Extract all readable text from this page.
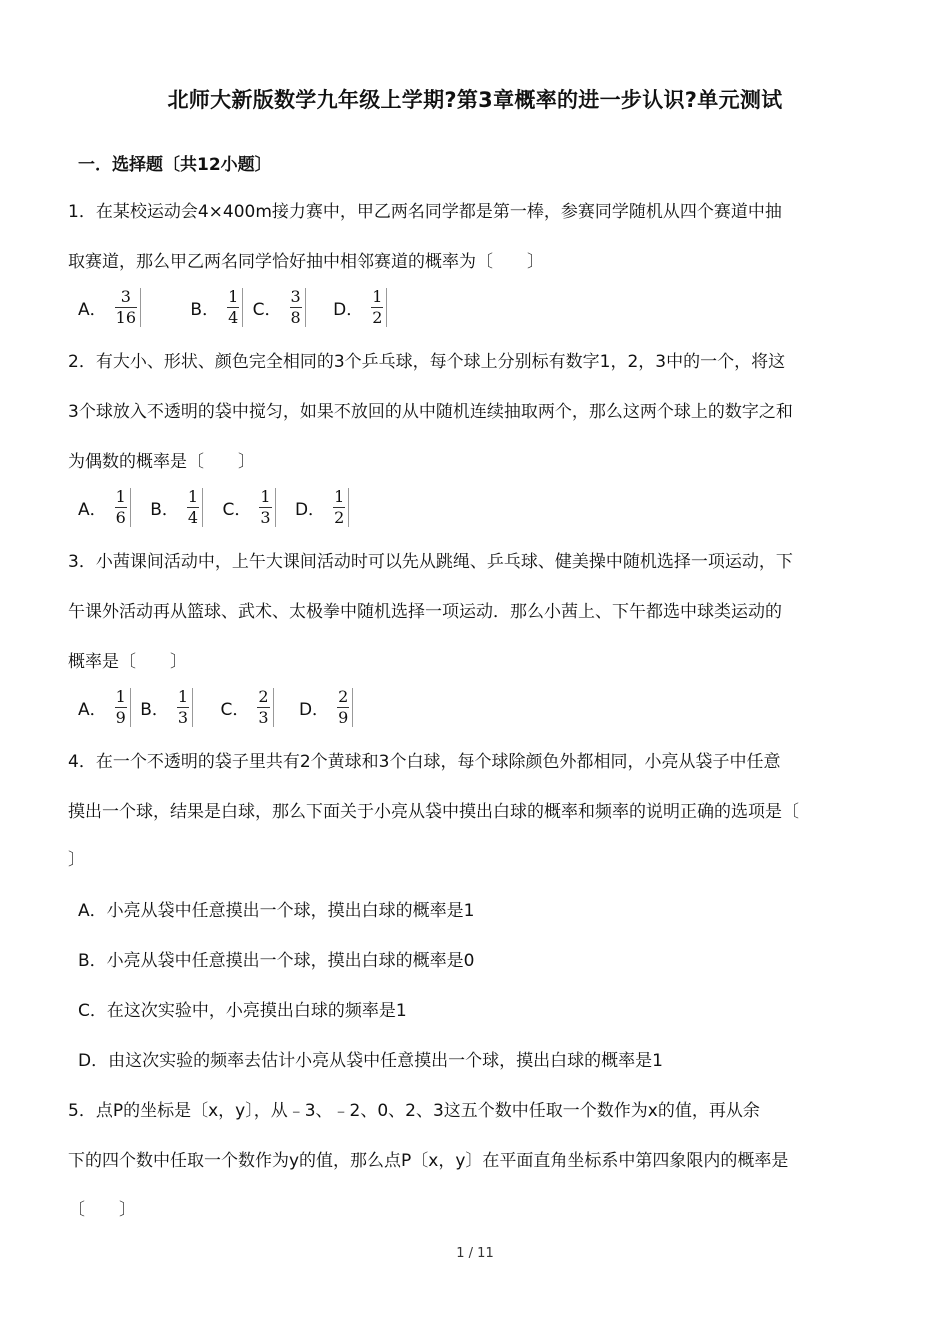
北师大新版数学九年级上学期?第3章概率的进一步认识?单元测试
一．选择题〔共12小题〕
1．在某校运动会4×400m接力赛中，甲乙两名同学都是第一棒，参赛同学随机从四个赛道中抽
取赛道，那么甲乙两名同学恰好抽中相邻赛道的概率为〔　　〕
A． $\frac{3}{16}$
	B． $\frac{1}{4}$
C． $\frac{3}{8}$
D． $\frac{1}{2}$
2．有大小、形状、颜色完全相同的3个乒乓球，每个球上分别标有数字1，2，3中的一个，将这
3个球放入不透明的袋中搅匀，如果不放回的从中随机连续抽取两个，那么这两个球上的数字之和
为偶数的概率是〔　　〕
A． $\frac{1}{6}$
B． $\frac{1}{4}$
C． $\frac{1}{3}$
D． $\frac{1}{2}$
3．小茜课间活动中，上午大课间活动时可以先从跳绳、乒乓球、健美操中随机选择一项运动，下
午课外活动再从篮球、武术、太极拳中随机选择一项运动．那么小茜上、下午都选中球类运动的
概率是〔　　〕
A． $\frac{1}{9}$
B． $\frac{1}{3}$
C． $\frac{2}{3}$
D． $\frac{2}{9}$
4．在一个不透明的袋子里共有2个黄球和3个白球，每个球除颜色外都相同，小亮从袋子中任意
摸出一个球，结果是白球，那么下面关于小亮从袋中摸出白球的概率和频率的说明正确的选项是〔
〕
A．小亮从袋中任意摸出一个球，摸出白球的概率是1
B．小亮从袋中任意摸出一个球，摸出白球的概率是0
C．在这次实验中，小亮摸出白球的频率是1
D．由这次实验的频率去估计小亮从袋中任意摸出一个球，摸出白球的概率是1
5．点P的坐标是〔x，y〕，从﹣3、﹣2、0、2、3这五个数中任取一个数作为x的值，再从余
下的四个数中任取一个数作为y的值，那么点P〔x，y〕在平面直角坐标系中第四象限内的概率是
〔　　〕
1 / 11
